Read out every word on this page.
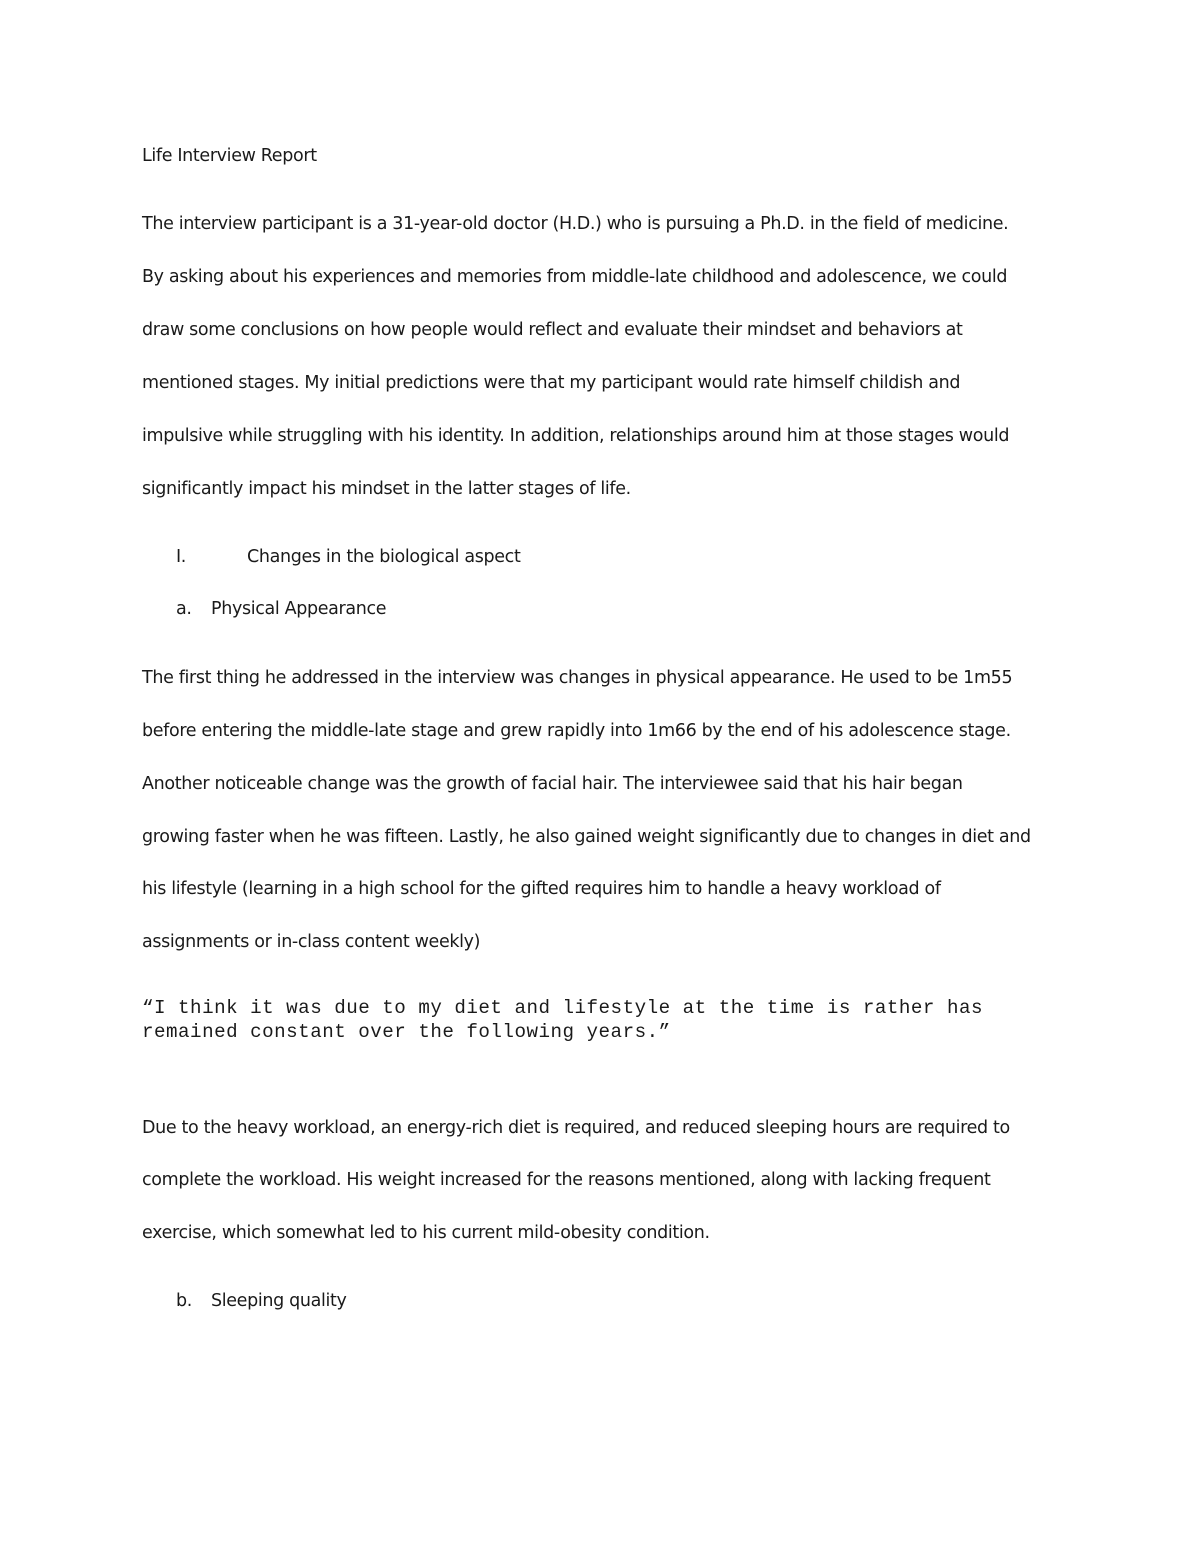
Life Interview Report
The interview participant is a 31-year-old doctor (H.D.) who is pursuing a Ph.D. in the field of medicine.
By asking about his experiences and memories from middle-late childhood and adolescence, we could
draw some conclusions on how people would reflect and evaluate their mindset and behaviors at
mentioned stages. My initial predictions were that my participant would rate himself childish and
impulsive while struggling with his identity. In addition, relationships around him at those stages would
significantly impact his mindset in the latter stages of life.
I.	Changes in the biological aspect
a. Physical Appearance
The first thing he addressed in the interview was changes in physical appearance. He used to be 1m55
before entering the middle-late stage and grew rapidly into 1m66 by the end of his adolescence stage.
Another noticeable change was the growth of facial hair. The interviewee said that his hair began
growing faster when he was fifteen. Lastly, he also gained weight significantly due to changes in diet and
his lifestyle (learning in a high school for the gifted requires him to handle a heavy workload of
assignments or in-class content weekly)
“I think it was due to my diet and lifestyle at the time is rather has
remained constant over the following years.”
Due to the heavy workload, an energy-rich diet is required, and reduced sleeping hours are required to
complete the workload. His weight increased for the reasons mentioned, along with lacking frequent
exercise, which somewhat led to his current mild-obesity condition.
b. Sleeping quality
